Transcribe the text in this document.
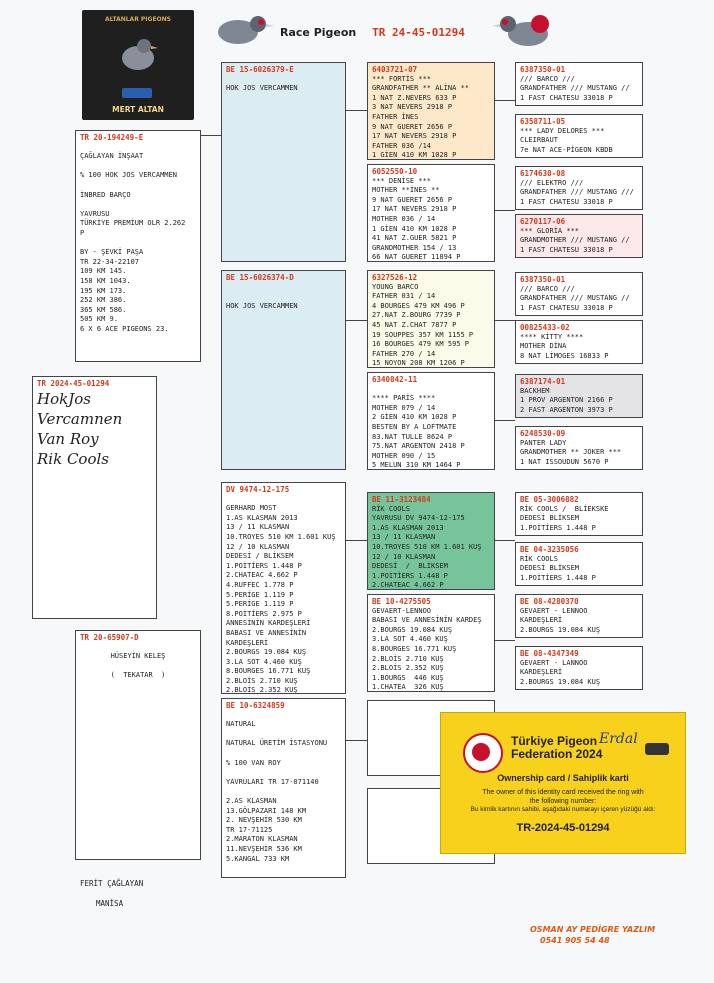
ALTANLAR PIGEONS
MERT ALTAN
Race Pigeon TR 24-45-01294
TR 20-194249-E

ÇAĞLAYAN İNŞAAT

% 100 HOK JOS VERCAMMEN

İNBRED BARÇO

YAVRUSU
TÜRKİYE PREMİUM OLR 2.262
P

BY - ŞEVKİ PAŞA
TR 22-34-22107
109 KM 145.
158 KM 1043.
195 KM 173.
252 KM 386.
365 KM 586.
505 KM 9.
6 X 6 ACE PIGEONS 23.
TR 2024-45-01294
HokJos Vercamnen
Van Roy
Rik Cools
TR 20-65907-D

HÜSEYİN KELEŞ

(  TEKATAR  )
FERİT ÇAĞLAYAN
MANİSA
BE 15-6026379-E

HOK JOS VERCAMMEN
BE 15-6026374-D

HOK JOS VERCAMMEN
DV 9474-12-175

GERHARD MOST
1.AS KLASMAN 2013
13 / 11 KLASMAN
10.TROYES 510 KM 1.601 KUŞ
12 / 10 KLASMAN
DEDESİ / BLİKSEM
1.POİTİERS 1.448 P
2.CHATEAC 4.662 P
4.RUFFEC 1.778 P
5.PERİGE 1.119 P
5.PERİGE 1.119 P
8.POİTİERS 2.975 P
ANNESİNİN KARDEŞLERİ
BABASI VE ANNESİNİN
KARDEŞLERİ
2.BOURGS 19.084 KUŞ
3.LA SOT 4.460 KUŞ
8.BOURGES 16.771 KUŞ
2.BLOİS 2.710 KUŞ
2.BLOİS 2.352 KUŞ
BE 10-6324859

NATURAL

NATURAL ÜRETİM İSTASYONU

% 100 VAN ROY

YAVRULARI TR 17-071140

2.AS KLASMAN
13.GÖLPAZARI 148 KM
2. NEVŞEHİR 530 KM
TR 17-71125
2.MARATON KLASMAN
11.NEVŞEHİR 536 KM
5.KANGAL 733 KM
6403721-07
*** FORTİS ***
GRANDFATHER ** ALİNA **
1 NAT Z.NEVERS 633 P
3 NAT NEVERS 2918 P
FATHER İNES
9 NAT GUERET 2656 P
17 NAT NEVERS 2918 P
FATHER 036 /14
1 GİEN 410 KM 1028 P
6052550-10
*** DENİSE ***
MOTHER **İNES **
9 NAT GUERET 2656 P
17 NAT NEVERS 2918 P
MOTHER 036 / 14
1 GİEN 410 KM 1028 P
41 NAT Z.GUER 5821 P
GRANDMOTHER 154 / 13
66 NAT GUERET 11894 P
6327526-12
YOUNG BARCO
FATHER 031 / 14
4 BOURGES 479 KM 496 P
27.NAT Z.BOURG 7739 P
45 NAT Z.CHAT 7877 P
19 SOUPPES 357 KM 1155 P
16 BOURGES 479 KM 595 P
FATHER 270 / 14
15 NOYON 208 KM 1206 P
6340842-11

**** PARİS ****
MOTHER 079 / 14
2 GİEN 410 KM 1028 P
BESTEN BY A LOFTMATE
83.NAT TULLE 8624 P
75.NAT ARGENTON 2418 P
MOTHER 090 / 15
5 MELUN 310 KM 1464 P
BE 11-3123484
RİK COOLS
YAVRUSU DV 9474-12-175
1.AS KLASMAN 2013
13 / 11 KLASMAN
10.TROYES 510 KM 1.601 KUŞ
12 / 10 KLASMAN
DEDESİ  /  BLİKSEM
1.POİTİERS 1.448 P
2.CHATEAC 4.662 P
BE 10-4275505
GEVAERT-LENNOO
BABASI VE ANNESİNİN KARDEŞ
2.BOURGS 19.084 KUŞ
3.LA SOT 4.460 KUŞ
8.BOURGES 16.771 KUŞ
2.BLOİS 2.710 KUŞ
2.BLOİS 2.352 KUŞ
1.BOURGS  446 KUŞ
1.CHATEA  326 KUŞ
6387350-01
/// BARCO ///
GRANDFATHER /// MUSTANG //
1 FAST CHATESU 33018 P
6358711-05
*** LADY DELORES ***
CLEIRBAUT
7e NAT ACE-PİGEON KBDB
6174630-08
/// ELEKTRO ///
GRANDFATHER /// MUSTANG ///
1 FAST CHATESU 33018 P
6270117-06
*** GLORİA ***
GRANDMOTHER /// MUSTANG //
1 FAST CHATESU 33018 P
6387350-01
/// BARCO ///
GRANDFATHER /// MUSTANG //
1 FAST CHATESU 33018 P
00825433-02
**** KİTTY ****
MOTHER DİNA
8 NAT LİMOGES 16833 P
6387174-01
BACKHEM
1 PROV ARGENTON 2166 P
2 FAST ARGENTON 3973 P
6248530-09
PANTER LADY
GRANDMOTHER ** JOKER ***
1 NAT ISSOUDUN 5670 P
BE 05-3006882
RİK COOLS /  BLİEKSKE
DEDESİ BLİKSEM
1.POİTİERS 1.448 P
BE 04-3235056
RİK COOLS
DEDESİ BLİKSEM
1.POİTİERS 1.448 P
BE 08-4280370
GEVAERT - LENNOO
KARDEŞLERİ
2.BOURGS 19.084 KUŞ
BE 08-4347349
GEVAERT - LANNOO
KARDEŞLERİ
2.BOURGS 19.084 KUŞ
Türkiye Pigeon
Federation 2024
Erdal
Ownership card / Sahiplik karti
The owner of this identity card received the ring with
the following number:
Bu kimlik kartının sahibi, aşağıdaki numarayı içeren yüzüğü aldı:
TR-2024-45-01294
OSMAN AY PEDİGRE YAZLIM
0541 905 54 48
